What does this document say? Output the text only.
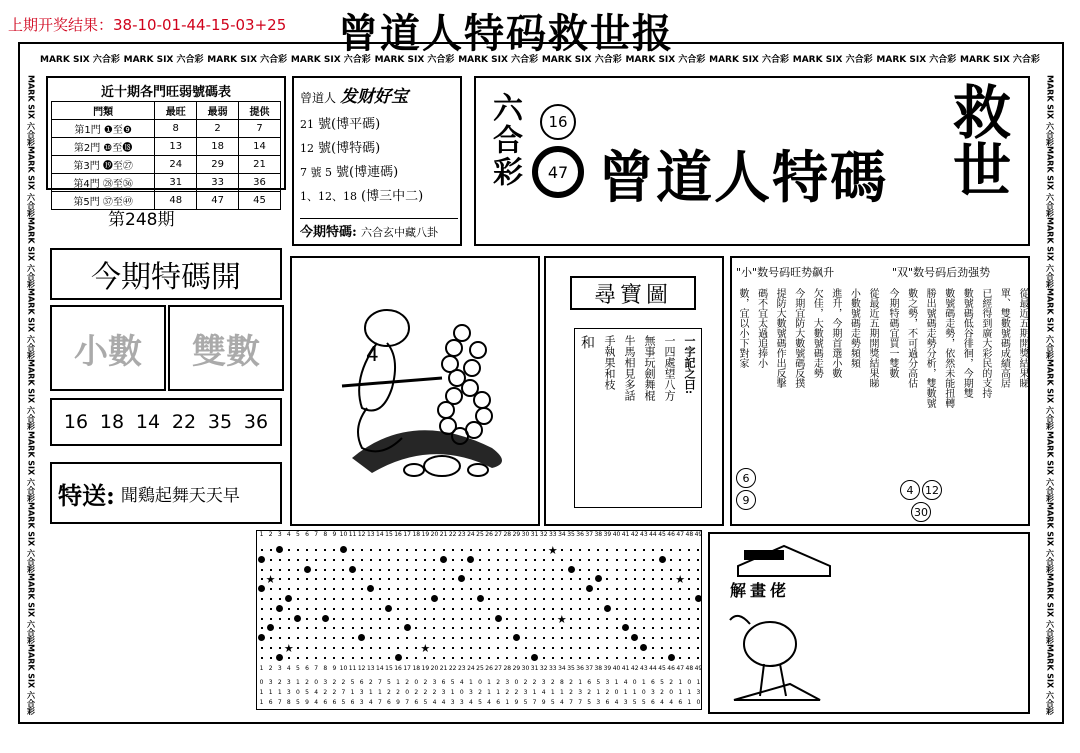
上期开奖结果：38-10-01-44-15-03+25 曾道人特码救世报
MARK SIX 六合彩 MARK SIX 六合彩 MARK SIX 六合彩 MARK SIX 六合彩 MARK SIX 六合彩 MARK SIX 六合彩 MARK SIX 六合彩 MARK SIX 六合彩 MARK SIX 六合彩 MARK SIX 六合彩 MARK SIX 六合彩 MARK SIX 六合彩
MARK SIX 六合彩
MARK SIX 六合彩
MARK SIX 六合彩
MARK SIX 六合彩
MARK SIX 六合彩
MARK SIX 六合彩
MARK SIX 六合彩
MARK SIX 六合彩
MARK SIX 六合彩
MARK SIX 六合彩
MARK SIX 六合彩
MARK SIX 六合彩
MARK SIX 六合彩
MARK SIX 六合彩
MARK SIX 六合彩
MARK SIX 六合彩
MARK SIX 六合彩
MARK SIX 六合彩
近十期各門旺弱號碼表
門類	最旺	最弱	提供
第1門 ❶至❾	8	2	7
第2門 ❿至⓲	13	18	14
第3門 ⓳至㉗	24	29	21
第4門 ㉘至㊱	31	33	36
第5門 ㊲至㊾	48	47	45
第248期
曾道人 发财好宝
21 號(博平碼)
12 號(博特碼)
7 號 5 號(博連碼)
1、12、18 (博三中二)
今期特碼: 六合玄中藏八卦
六合彩 16
47 曾道人特碼 救世
今期特碼開
小數 雙數
16 18 14 22 35 36
特送: 聞鷄起舞天天早
4
尋寶圖
一字記之曰:
一四處望八方
無事玩劍舞棍
牛馬相見多話
手執果和枝
和
"小"数号码旺势飙升	"双"数号码后劲强势
從最近五期開獎結果睇
小數號碼走勢頻頻
進升，今期首選小數
欠佳，大數號碼走勢
今期宜防大數號碼反撲
提防大數號碼作出反擊
碼不宜太過追捧小
數，宜以小下對家	從最近五期開獎結果睇
單、雙數號碼成績高居
已經得到廣大彩民的支持
數號碼低谷徘徊，今期雙
數號碼走勢，依然未能扭轉
勝出號碼走勢分析，雙數號
數之勢，不可過分高估
今期特碼宜買一雙數
6
9
4	12
30
1 2 3 4 5 6 7 8 9 10 11 12 13 14 15 16 17 18 19 20 21 22 23 24 25 26 27 28 29 30 31 32 33 34 35 36 37 38 39 40 41 42 43 44 45 46 47 48 49
★
★	★
★
★
★
1 2 3 4 5 6 7 8 9 10 11 12 13 14 15 16 17 18 19 20 21 22 23 24 25 26 27 28 29 30 31 32 33 34 35 36 37 38 39 40 41 42 43 44 45 46 47 48 49
0 3 2 3 1 2 0 3 2 2 5 6 2 7 5 1 2 0 2 3 6 5 4 1 0 1 2 3 0 2 2 3 2 8 2 1 6 5 3 1 4 0 1 6 5 2 1 0 1
1 1 1 3 0 5 4 2 2 7 1 3 1 1 2 2 0 2 2 2 3 1 0 3 2 1 1 2 2 3 1 4 1 1 2 3 2 1 2 0 1 1 0 3 2 0 1 1 3
1 6 7 8 5 9 4 6 6 5 6 3 4 7 6 9 7 6 5 4 4 3 3 4 5 4 6 1 9 5 7 9 5 4 7 7 5 3 6 4 3 5 5 6 4 4 6 1 0
解畫佬
